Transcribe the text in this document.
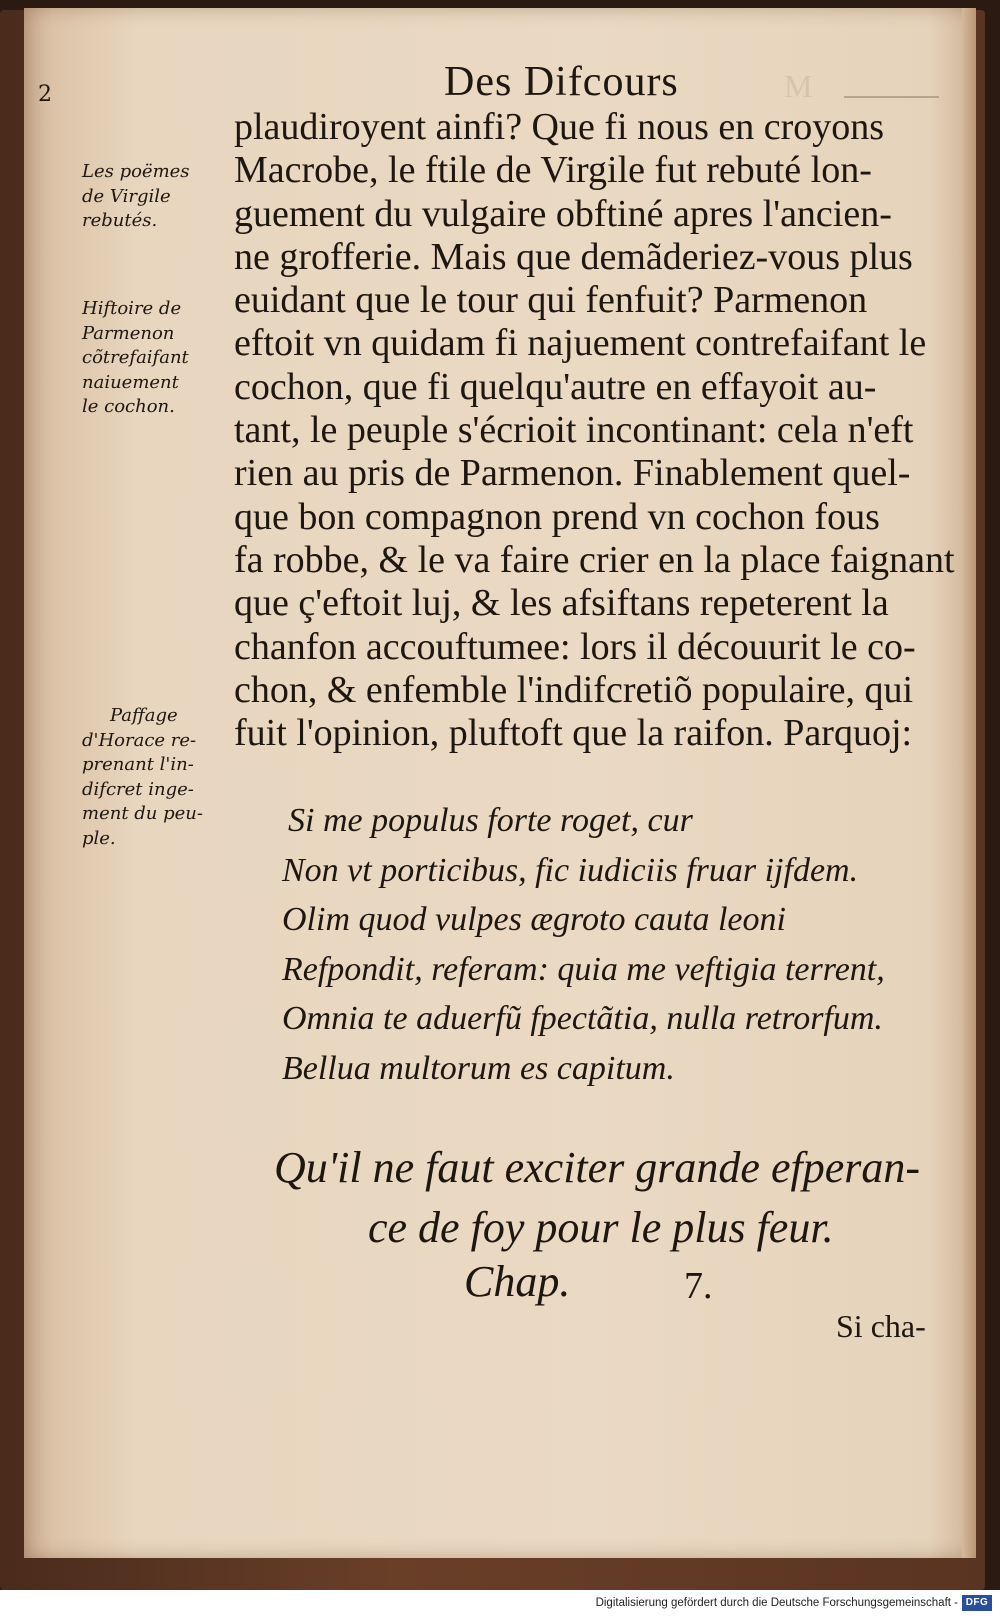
M
2	Des Difcours
Les poëmes
de Virgile
rebutés.
Hiftoire de
Parmenon
cõtrefaifant
naiuement
le cochon.
Paffage
d'Horace re-
prenant l'in-
difcret inge-
ment du peu-
ple.
plaudiroyent ainfi? Que fi nous en croyons
Macrobe, le ftile de Virgile fut rebuté lon-
guement du vulgaire obftiné apres l'ancien-
ne grofferie. Mais que demãderiez-vous plus
euidant que le tour qui fenfuit? Parmenon
eftoit vn quidam fi najuement contrefaifant le
cochon, que fi quelqu'autre en effayoit au-
tant, le peuple s'écrioit incontinant: cela n'eft
rien au pris de Parmenon. Finablement quel-
que bon compagnon prend vn cochon fous
fa robbe, & le va faire crier en la place faignant
que ç'eftoit luj, & les afsiftans repeterent la
chanfon accouftumee: lors il découurit le co-
chon, & enfemble l'indifcretiõ populaire, qui
fuit l'opinion, pluftoft que la raifon. Parquoj:
Si me populus forte roget, cur
Non vt porticibus, fic iudiciis fruar ijfdem.
Olim quod vulpes ægroto cauta leoni
Refpondit, referam: quia me veftigia terrent,
Omnia te aduerfũ fpectãtia, nulla retrorfum.
Bellua multorum es capitum.
Qu'il ne faut exciter grande efperan-
ce de foy pour le plus feur.
Chap.	7.
Si cha-
Digitalisierung gefördert durch die Deutsche Forschungsgemeinschaft - DFG
